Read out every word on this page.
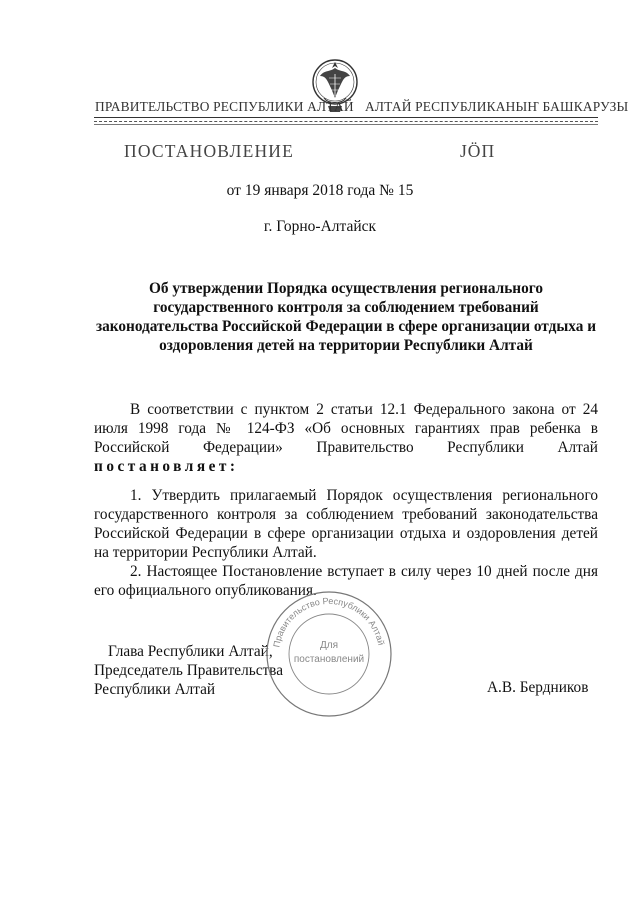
ПРАВИТЕЛЬСТВО РЕСПУБЛИКИ АЛТАЙ АЛТАЙ РЕСПУБЛИКАНЫҤ БАШКАРУЗЫ
ПОСТАНОВЛЕНИЕ	ЈÖП
от 19 января 2018 года № 15
г. Горно-Алтайск
Об утверждении Порядка осуществления регионального государственного контроля за соблюдением требований законодательства Российской Федерации в сфере организации отдыха и оздоровления детей на территории Республики Алтай
В соответствии с пунктом 2 статьи 12.1 Федерального закона от 24 июля 1998 года № 124-ФЗ «Об основных гарантиях прав ребенка в Российской Федерации» Правительство Республики Алтай постановляет:
1. Утвердить прилагаемый Порядок осуществления регионального государственного контроля за соблюдением требований законодательства Российской Федерации в сфере организации отдыха и оздоровления детей на территории Республики Алтай.
2. Настоящее Постановление вступает в силу через 10 дней после дня его официального опубликования.
Глава Республики Алтай,
Председатель Правительства
Республики Алтай	А.В. Бердников
Правительство Республики Алтай
Для
постановлений
